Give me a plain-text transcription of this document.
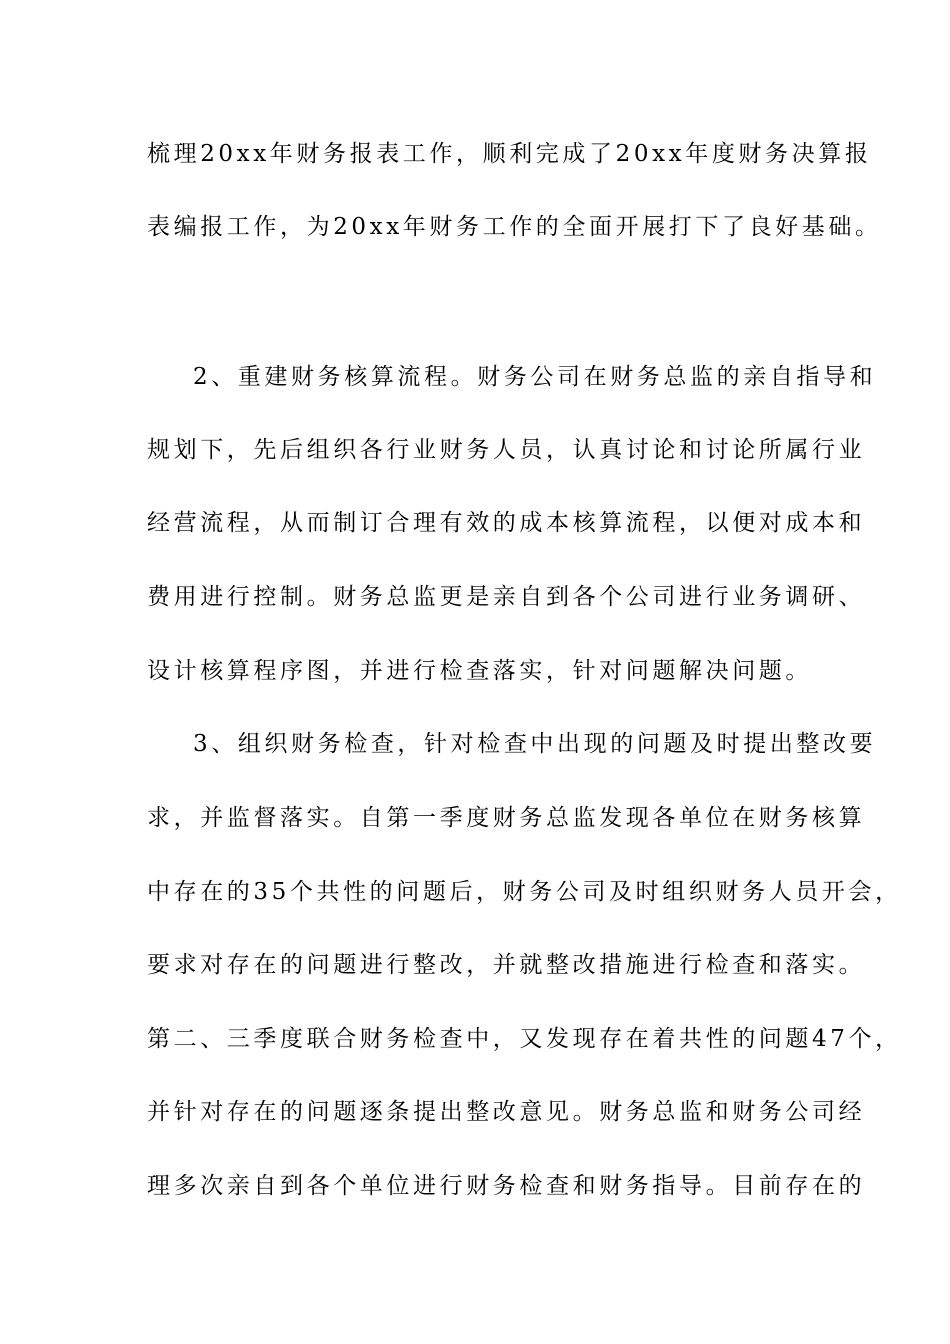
梳理20xx年财务报表工作，顺利完成了20xx年度财务决算报
表编报工作，为20xx年财务工作的全面开展打下了良好基础。
2、重建财务核算流程。财务公司在财务总监的亲自指导和
规划下，先后组织各行业财务人员，认真讨论和讨论所属行业
经营流程，从而制订合理有效的成本核算流程，以便对成本和
费用进行控制。财务总监更是亲自到各个公司进行业务调研、
设计核算程序图，并进行检查落实，针对问题解决问题。
3、组织财务检查，针对检查中出现的问题及时提出整改要
求，并监督落实。自第一季度财务总监发现各单位在财务核算
中存在的35个共性的问题后，财务公司及时组织财务人员开会，
要求对存在的问题进行整改，并就整改措施进行检查和落实。
第二、三季度联合财务检查中，又发现存在着共性的问题47个，
并针对存在的问题逐条提出整改意见。财务总监和财务公司经
理多次亲自到各个单位进行财务检查和财务指导。目前存在的
